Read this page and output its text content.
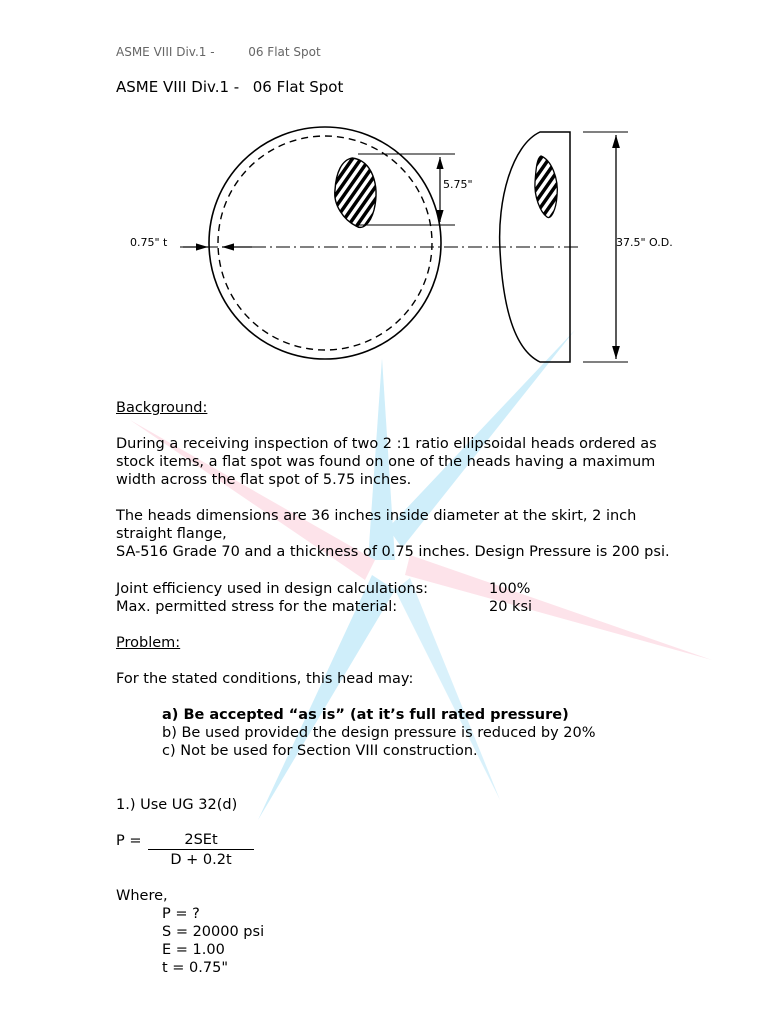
ASME VIII Div.1 -	06 Flat Spot
ASME VIII Div.1 - 06 Flat Spot
5.75"
0.75" t	37.5" O.D.
Background:
During a receiving inspection of two 2 :1 ratio ellipsoidal heads ordered as
stock items, a flat spot was found on one of the heads having a maximum
width across the flat spot of 5.75 inches.
The heads dimensions are 36 inches inside diameter at the skirt, 2 inch
straight flange,
SA-516 Grade 70 and a thickness of 0.75 inches. Design Pressure is 200 psi.
Joint efficiency used in design calculations:	100%
Max. permitted stress for the material:	20 ksi
Problem:
For the stated conditions, this head may:
a) Be accepted “as is” (at it’s full rated pressure)
b) Be used provided the design pressure is reduced by 20%
c) Not be used for Section VIII construction.
1.) Use UG 32(d)
P =	2SEt
D + 0.2t
Where,
P = ?
S = 20000 psi
E = 1.00
t = 0.75"
